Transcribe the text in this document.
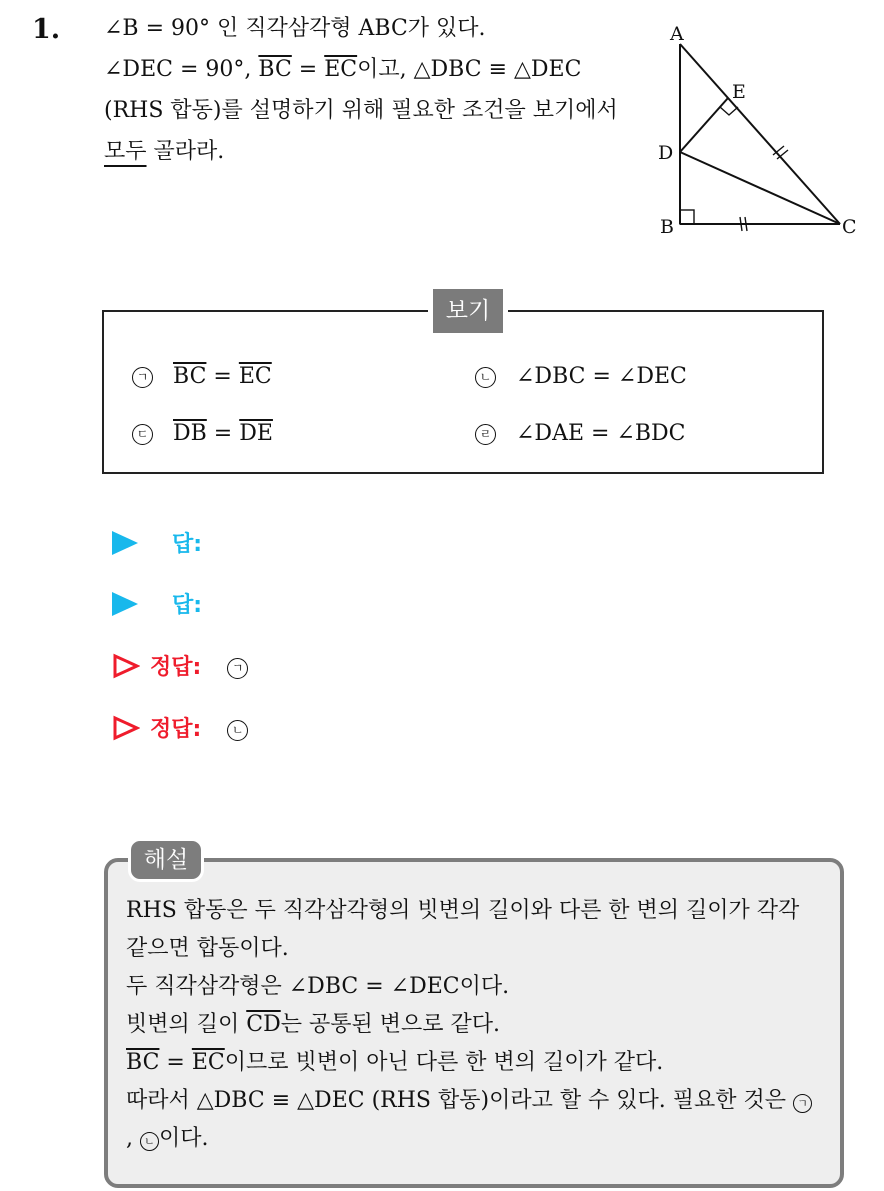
1. ∠B = 90° 인 직각삼각형 ABC가 있다.
∠DEC = 90°, $\overline{BC} = \overline{EC}$이고, △DBC ≡ △DEC (RHS 합동)를 설명하기 위해 필요한 조건을 보기에서 모두 골라라.
A
B	C
D
E
보기
ㄱ $\overline{BC} = \overline{EC}$	ㄴ ∠DBC = ∠DEC
ㄷ $\overline{DB} = \overline{DE}$	ㄹ ∠DAE = ∠BDC
답:
답:
정답:	ㄱ
정답:	ㄴ
해설
RHS 합동은 두 직각삼각형의 빗변의 길이와 다른 한 변의 길이가 각각 같으면 합동이다.
두 직각삼각형은 ∠DBC = ∠DEC이다.
빗변의 길이 $\overline{CD}$는 공통된 변으로 같다.
$\overline{BC} = \overline{EC}$이므로 빗변이 아닌 다른 한 변의 길이가 같다.
따라서 △DBC ≡ △DEC (RHS 합동)이라고 할 수 있다. 필요한 것은 ㄱ, ㄴ 이다.
